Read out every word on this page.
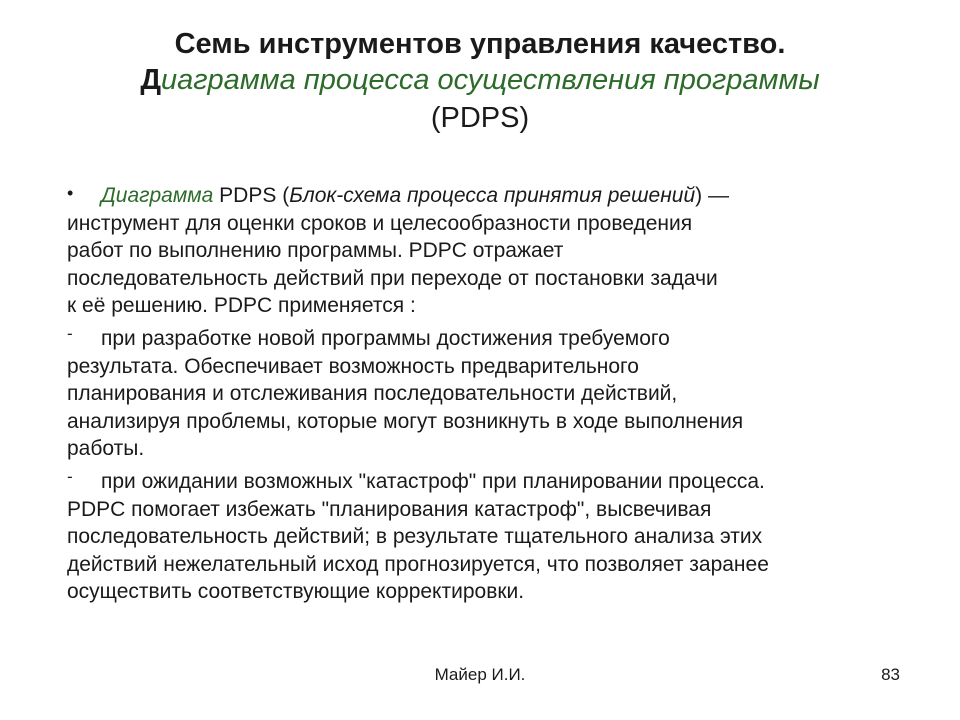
Семь инструментов управления качество.
Диаграмма процесса осуществления программы
(PDPS)

• Диаграмма PDPS (Блок-схема процесса принятия решений) —

инструмент для оценки сроков и целесообразности проведения

работ по выполнению программы. PDPC отражает

последовательность действий при переходе от постановки задачи

к её решению. PDPC применяется :

- при разработке новой программы достижения требуемого

результата. Обеспечивает возможность предварительного

планирования и отслеживания последовательности действий,

анализируя проблемы, которые могут возникнуть в ходе выполнения

работы.

- при ожидании возможных "катастроф" при планировании процесса.

PDPC помогает избежать "планирования катастроф", высвечивая

последовательность действий; в результате тщательного анализа этих

действий нежелательный исход прогнозируется, что позволяет заранее

осуществить соответствующие корректировки.

Майер И.И.	83
